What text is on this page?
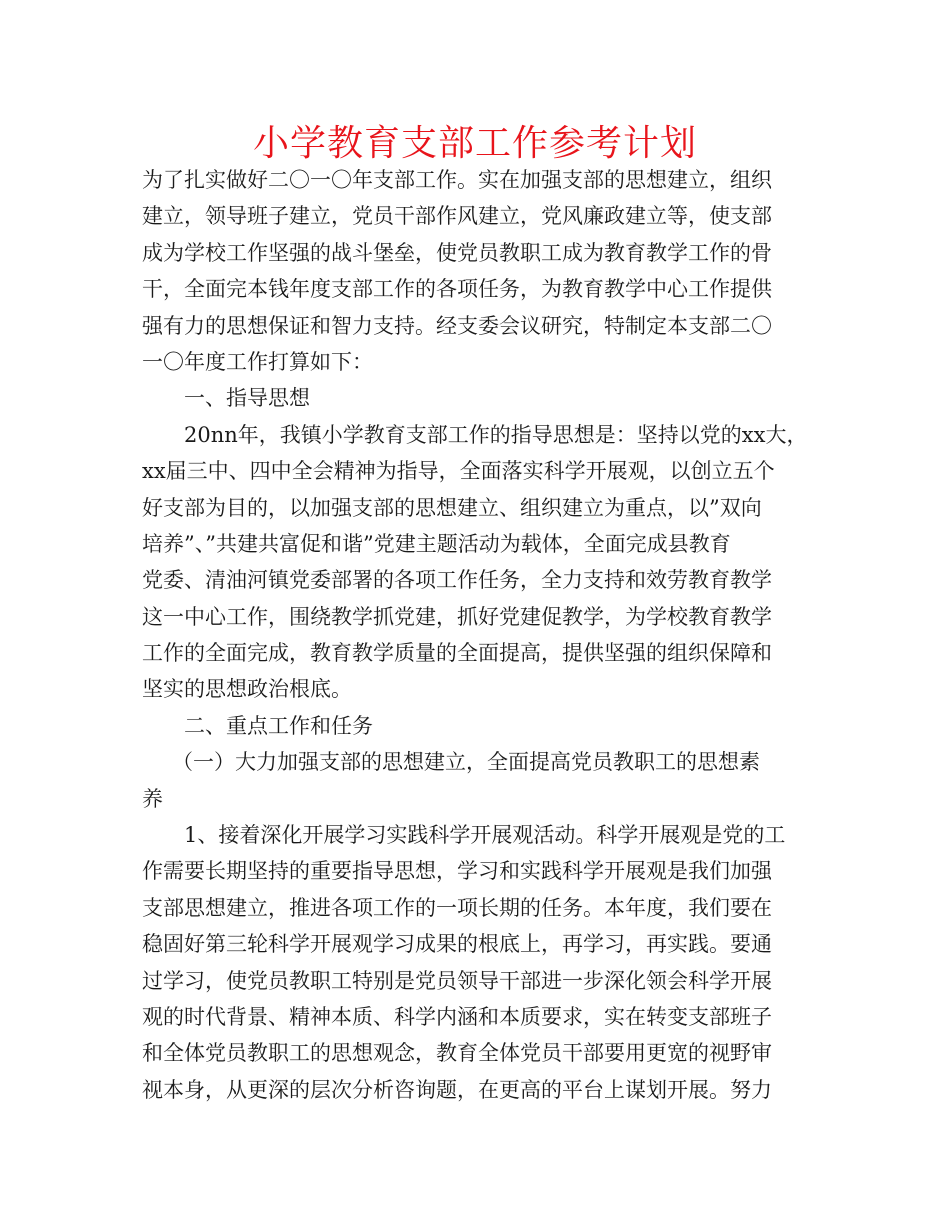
小学教育支部工作参考计划
为了扎实做好二〇一〇年支部工作。实在加强支部的思想建立，组织
建立，领导班子建立，党员干部作风建立，党风廉政建立等，使支部
成为学校工作坚强的战斗堡垒，使党员教职工成为教育教学工作的骨
干，全面完本钱年度支部工作的各项任务，为教育教学中心工作提供
强有力的思想保证和智力支持。经支委会议研究，特制定本支部二〇
一〇年度工作打算如下：
一、指导思想
20nn年，我镇小学教育支部工作的指导思想是：坚持以党的xx大，
xx届三中、四中全会精神为指导，全面落实科学开展观，以创立五个
好支部为目的，以加强支部的思想建立、组织建立为重点，以”双向
培养”、”共建共富促和谐”党建主题活动为载体，全面完成县教育
党委、清油河镇党委部署的各项工作任务，全力支持和效劳教育教学
这一中心工作，围绕教学抓党建，抓好党建促教学，为学校教育教学
工作的全面完成，教育教学质量的全面提高，提供坚强的组织保障和
坚实的思想政治根底。
二、重点工作和任务
（一）大力加强支部的思想建立，全面提高党员教职工的思想素
养
1、接着深化开展学习实践科学开展观活动。科学开展观是党的工
作需要长期坚持的重要指导思想，学习和实践科学开展观是我们加强
支部思想建立，推进各项工作的一项长期的任务。本年度，我们要在
稳固好第三轮科学开展观学习成果的根底上，再学习，再实践。要通
过学习，使党员教职工特别是党员领导干部进一步深化领会科学开展
观的时代背景、精神本质、科学内涵和本质要求，实在转变支部班子
和全体党员教职工的思想观念，教育全体党员干部要用更宽的视野审
视本身，从更深的层次分析咨询题，在更高的平台上谋划开展。努力
